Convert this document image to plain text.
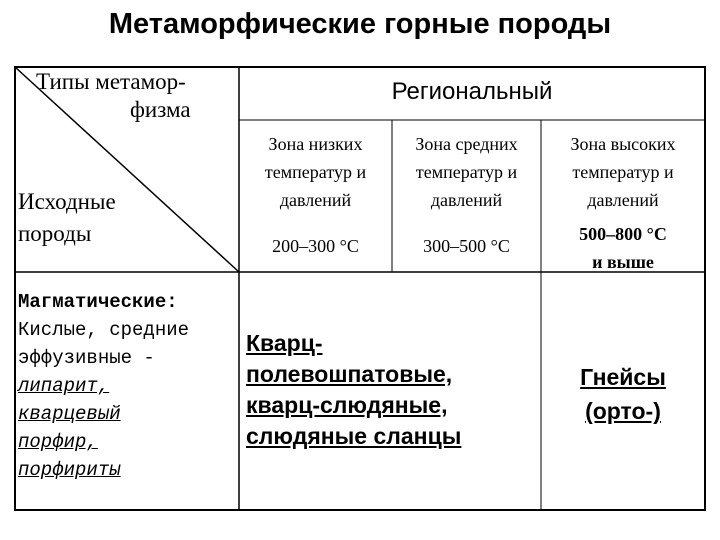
Метаморфические горные породы
Типы метамор-
физма
Исходные
породы
Региональный
Зона низких
температур и
давлений
Зона средних
температур и
давлений
Зона высоких
температур и
давлений
200–300 °С	300–500 °С
500–800 °С
и выше
Магматические:
Кислые, средние
эффузивные -
липарит,
кварцевый
порфир,
порфириты
Кварц-
полевошпатовые,
кварц-слюдяные,
слюдяные сланцы
Гнейсы
(орто-)
